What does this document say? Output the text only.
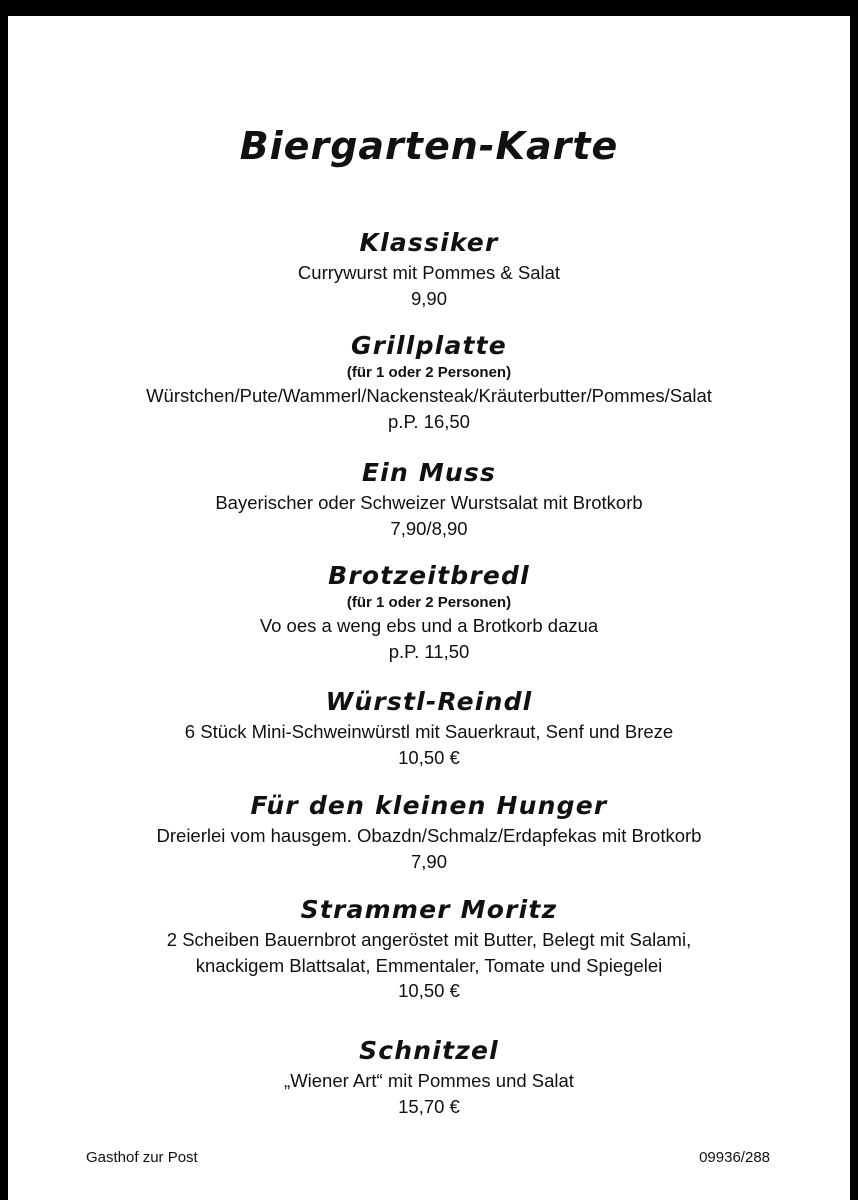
Biergarten-Karte
Klassiker
Currywurst mit Pommes & Salat
9,90
Grillplatte
(für 1 oder 2 Personen)
Würstchen/Pute/Wammerl/Nackensteak/Kräuterbutter/Pommes/Salat
p.P. 16,50
Ein Muss
Bayerischer oder Schweizer Wurstsalat mit Brotkorb
7,90/8,90
Brotzeitbredl
(für 1 oder 2 Personen)
Vo oes a weng ebs und a Brotkorb dazua
p.P. 11,50
Würstl-Reindl
6 Stück Mini-Schweinwürstl mit Sauerkraut, Senf und Breze
10,50 €
Für den kleinen Hunger
Dreierlei vom hausgem. Obazdn/Schmalz/Erdapfekas mit Brotkorb
7,90
Strammer Moritz
2 Scheiben Bauernbrot angeröstet mit Butter, Belegt mit Salami,
knackigem Blattsalat, Emmentaler, Tomate und Spiegelei
10,50 €
Schnitzel
„Wiener Art“ mit Pommes und Salat
15,70 €
Gasthof zur Post	09936/288
